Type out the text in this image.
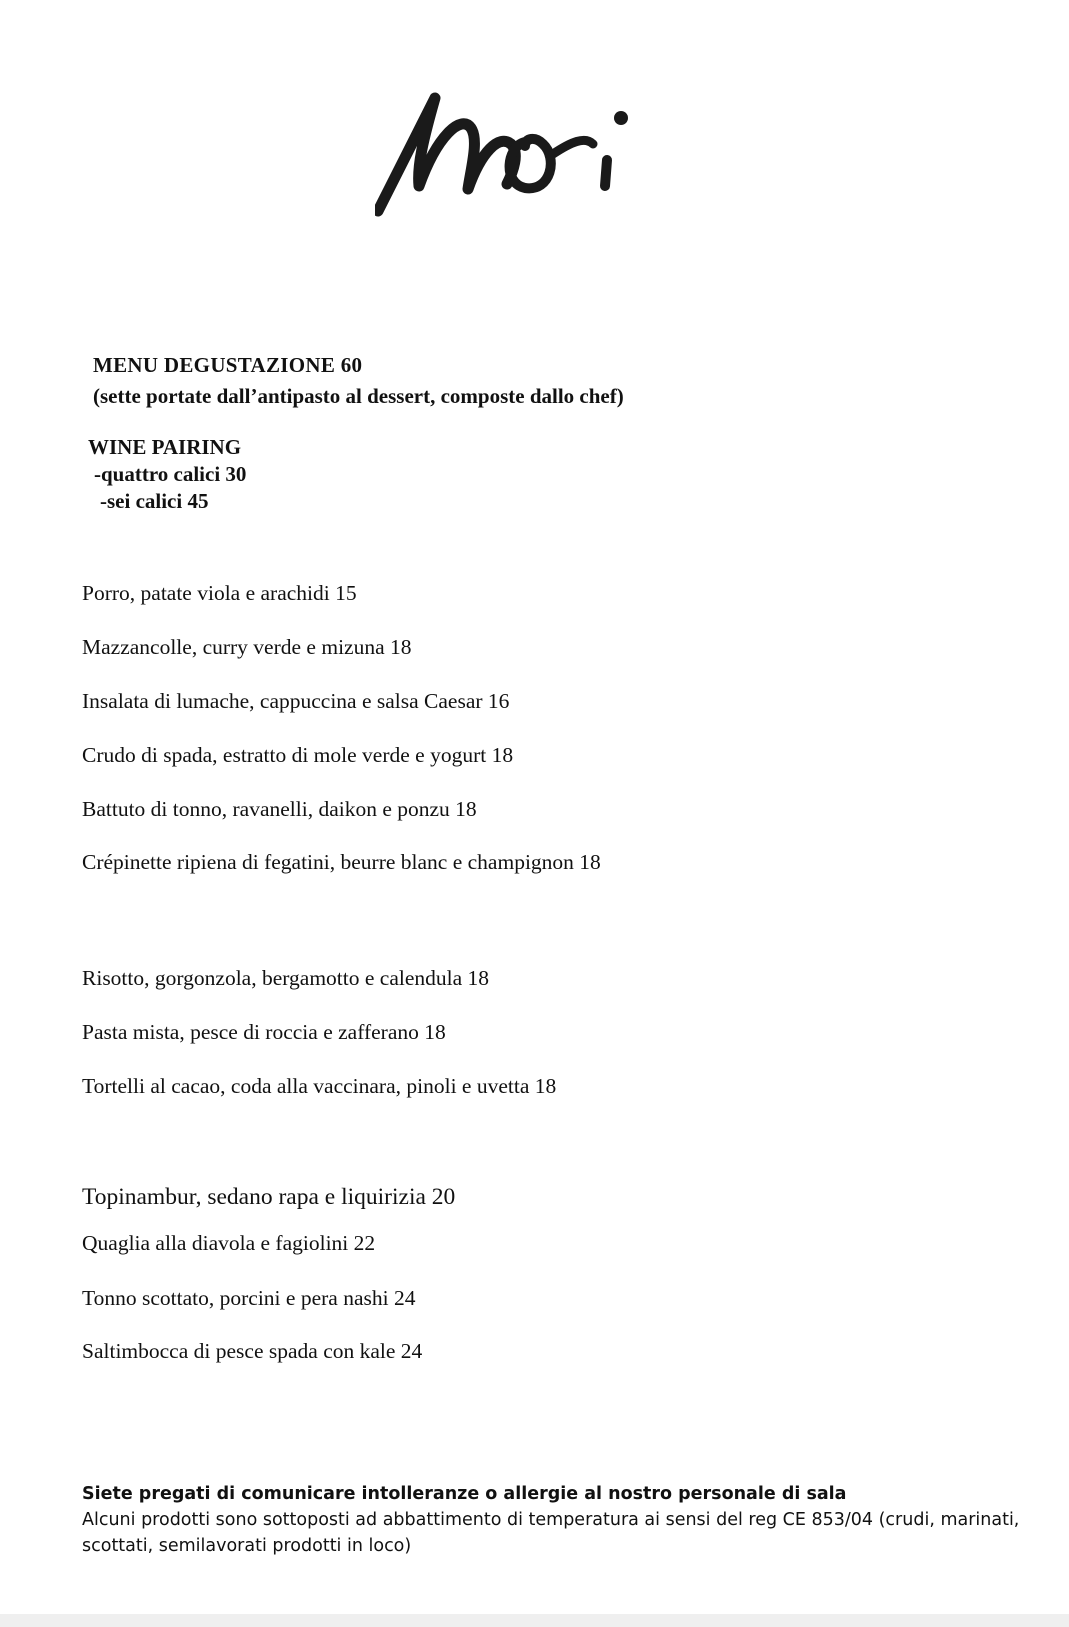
MENU DEGUSTAZIONE 60
(sette portate dall’antipasto al dessert, composte dallo chef)
WINE PAIRING
-quattro calici 30
-sei calici 45
Porro, patate viola e arachidi 15
Mazzancolle, curry verde e mizuna 18
Insalata di lumache, cappuccina e salsa Caesar 16
Crudo di spada, estratto di mole verde e yogurt 18
Battuto di tonno, ravanelli, daikon e ponzu 18
Crépinette ripiena di fegatini, beurre blanc e champignon 18
Risotto, gorgonzola, bergamotto e calendula 18
Pasta mista, pesce di roccia e zafferano 18
Tortelli al cacao, coda alla vaccinara, pinoli e uvetta 18
Topinambur, sedano rapa e liquirizia 20
Quaglia alla diavola e fagiolini 22
Tonno scottato, porcini e pera nashi 24
Saltimbocca di pesce spada con kale 24
Siete pregati di comunicare intolleranze o allergie al nostro personale di sala
Alcuni prodotti sono sottoposti ad abbattimento di temperatura ai sensi del reg CE 853/04 (crudi, marinati, scottati, semilavorati prodotti in loco)
